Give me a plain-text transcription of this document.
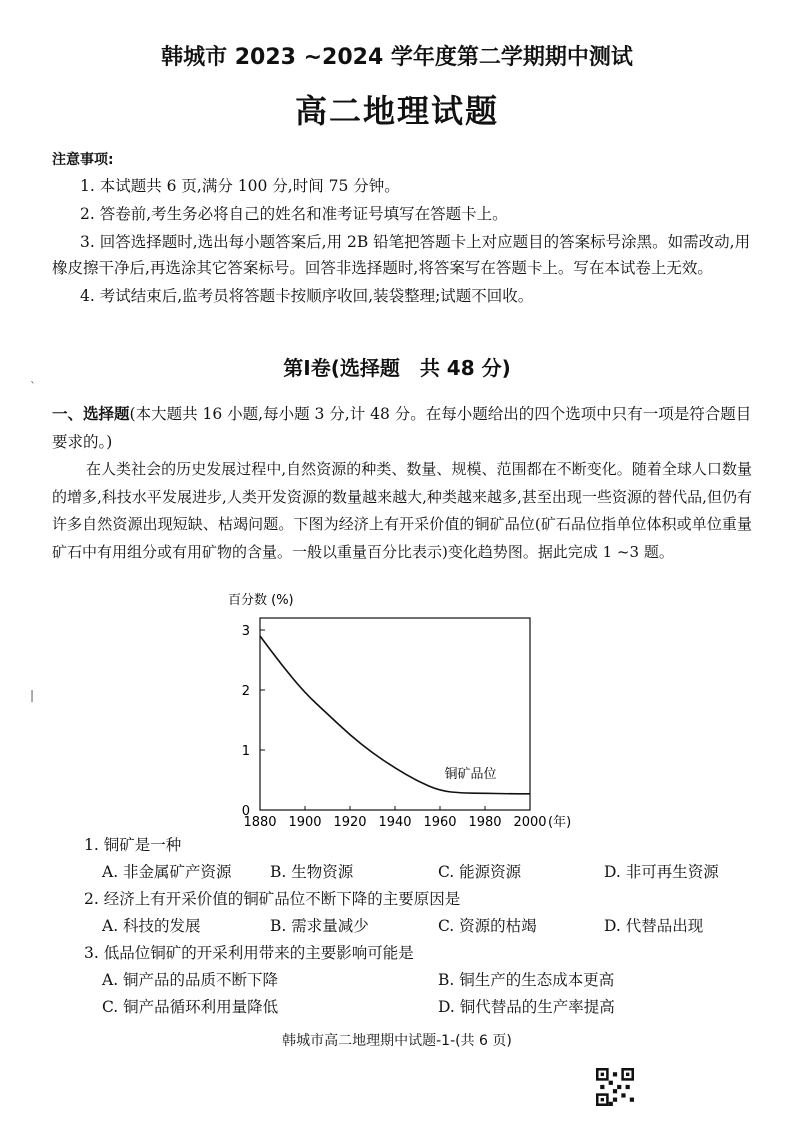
韩城市 2023 ~2024 学年度第二学期期中测试
高二地理试题
注意事项:
1. 本试题共 6 页,满分 100 分,时间 75 分钟。
2. 答卷前,考生务必将自己的姓名和准考证号填写在答题卡上。
3. 回答选择题时,选出每小题答案后,用 2B 铅笔把答题卡上对应题目的答案标号涂黑。如需改动,用橡皮擦干净后,再选涂其它答案标号。回答非选择题时,将答案写在答题卡上。写在本试卷上无效。
4. 考试结束后,监考员将答题卡按顺序收回,装袋整理;试题不回收。
第Ⅰ卷(选择题　共 48 分)
一、选择题(本大题共 16 小题,每小题 3 分,计 48 分。在每小题给出的四个选项中只有一项是符合题目要求的。)
在人类社会的历史发展过程中,自然资源的种类、数量、规模、范围都在不断变化。随着全球人口数量的增多,科技水平发展进步,人类开发资源的数量越来越大,种类越来越多,甚至出现一些资源的替代品,但仍有许多自然资源出现短缺、枯竭问题。下图为经济上有开采价值的铜矿品位(矿石品位指单位体积或单位重量矿石中有用组分或有用矿物的含量。一般以重量百分比表示)变化趋势图。据此完成 1 ~3 题。
百分数 (%)
0
1
2
3
1880 1900 1920 1940 1960 1980 2000 (年)
铜矿品位
1. 铜矿是一种
A. 非金属矿产资源 B. 生物资源	C. 能源资源	D. 非可再生资源
2. 经济上有开采价值的铜矿品位不断下降的主要原因是
A. 科技的发展	B. 需求量减少	C. 资源的枯竭	D. 代替品出现
3. 低品位铜矿的开采利用带来的主要影响可能是
A. 铜产品的品质不断下降	B. 铜生产的生态成本更高
C. 铜产品循环利用量降低	D. 铜代替品的生产率提高
韩城市高二地理期中试题-1-(共 6 页)
`
|
